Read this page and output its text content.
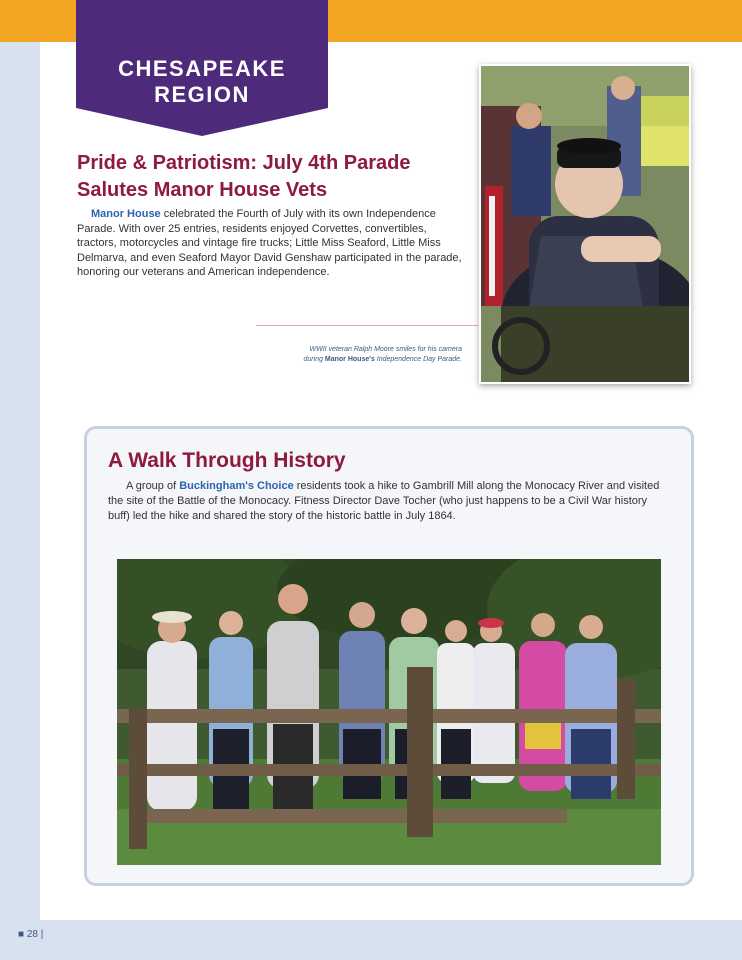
CHESAPEAKE
REGION
Pride & Patriotism: July 4th Parade Salutes Manor House Vets

Manor House celebrated the Fourth of July with its own Independence Parade. With over 25 entries, residents enjoyed Corvettes, convertibles, tractors, motorcycles and vintage fire trucks; Little Miss Seaford, Little Miss Delmarva, and even Seaford Mayor David Genshaw participated in the parade, honoring our veterans and American independence.

WWII veteran Ralph Moore smiles for his camera
during Manor House's Independence Day Parade.
A Walk Through History

A group of Buckingham's Choice residents took a hike to Gambrill Mill along the Monocacy River and visited the site of the Battle of the Monocacy. Fitness Director Dave Tocher (who just happens to be a Civil War history buff) led the hike and shared the story of the historic battle in July 1864.

■ 28 |
